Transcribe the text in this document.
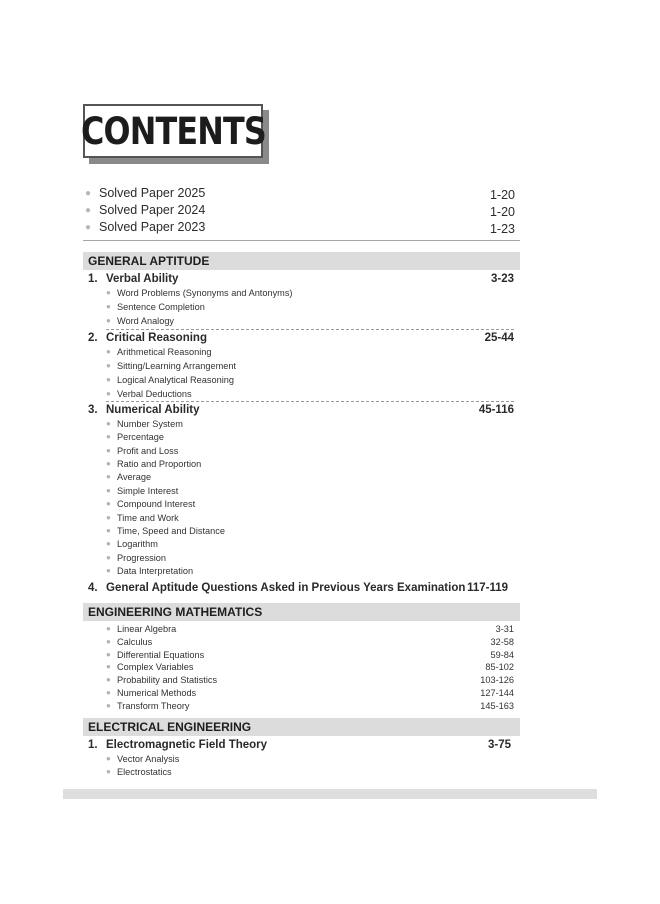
CONTENTS
● Solved Paper 2025	1-20
● Solved Paper 2024	1-20
● Solved Paper 2023	1-23
GENERAL APTITUDE
1. Verbal Ability	3-23
● Word Problems (Synonyms and Antonyms)
● Sentence Completion
● Word Analogy
2. Critical Reasoning	25-44
● Arithmetical Reasoning
● Sitting/Learning Arrangement
● Logical Analytical Reasoning
● Verbal Deductions
3. Numerical Ability	45-116
● Number System
● Percentage
● Profit and Loss
● Ratio and Proportion
● Average
● Simple Interest
● Compound Interest
● Time and Work
● Time, Speed and Distance
● Logarithm
● Progression
● Data Interpretation
4. General Aptitude Questions Asked in Previous Years Examination 117-119
ENGINEERING MATHEMATICS
● Linear Algebra	3-31
● Calculus	32-58
● Differential Equations	59-84
● Complex Variables	85-102
● Probability and Statistics	103-126
● Numerical Methods	127-144
● Transform Theory	145-163
ELECTRICAL ENGINEERING
1. Electromagnetic Field Theory	3-75
● Vector Analysis
● Electrostatics
